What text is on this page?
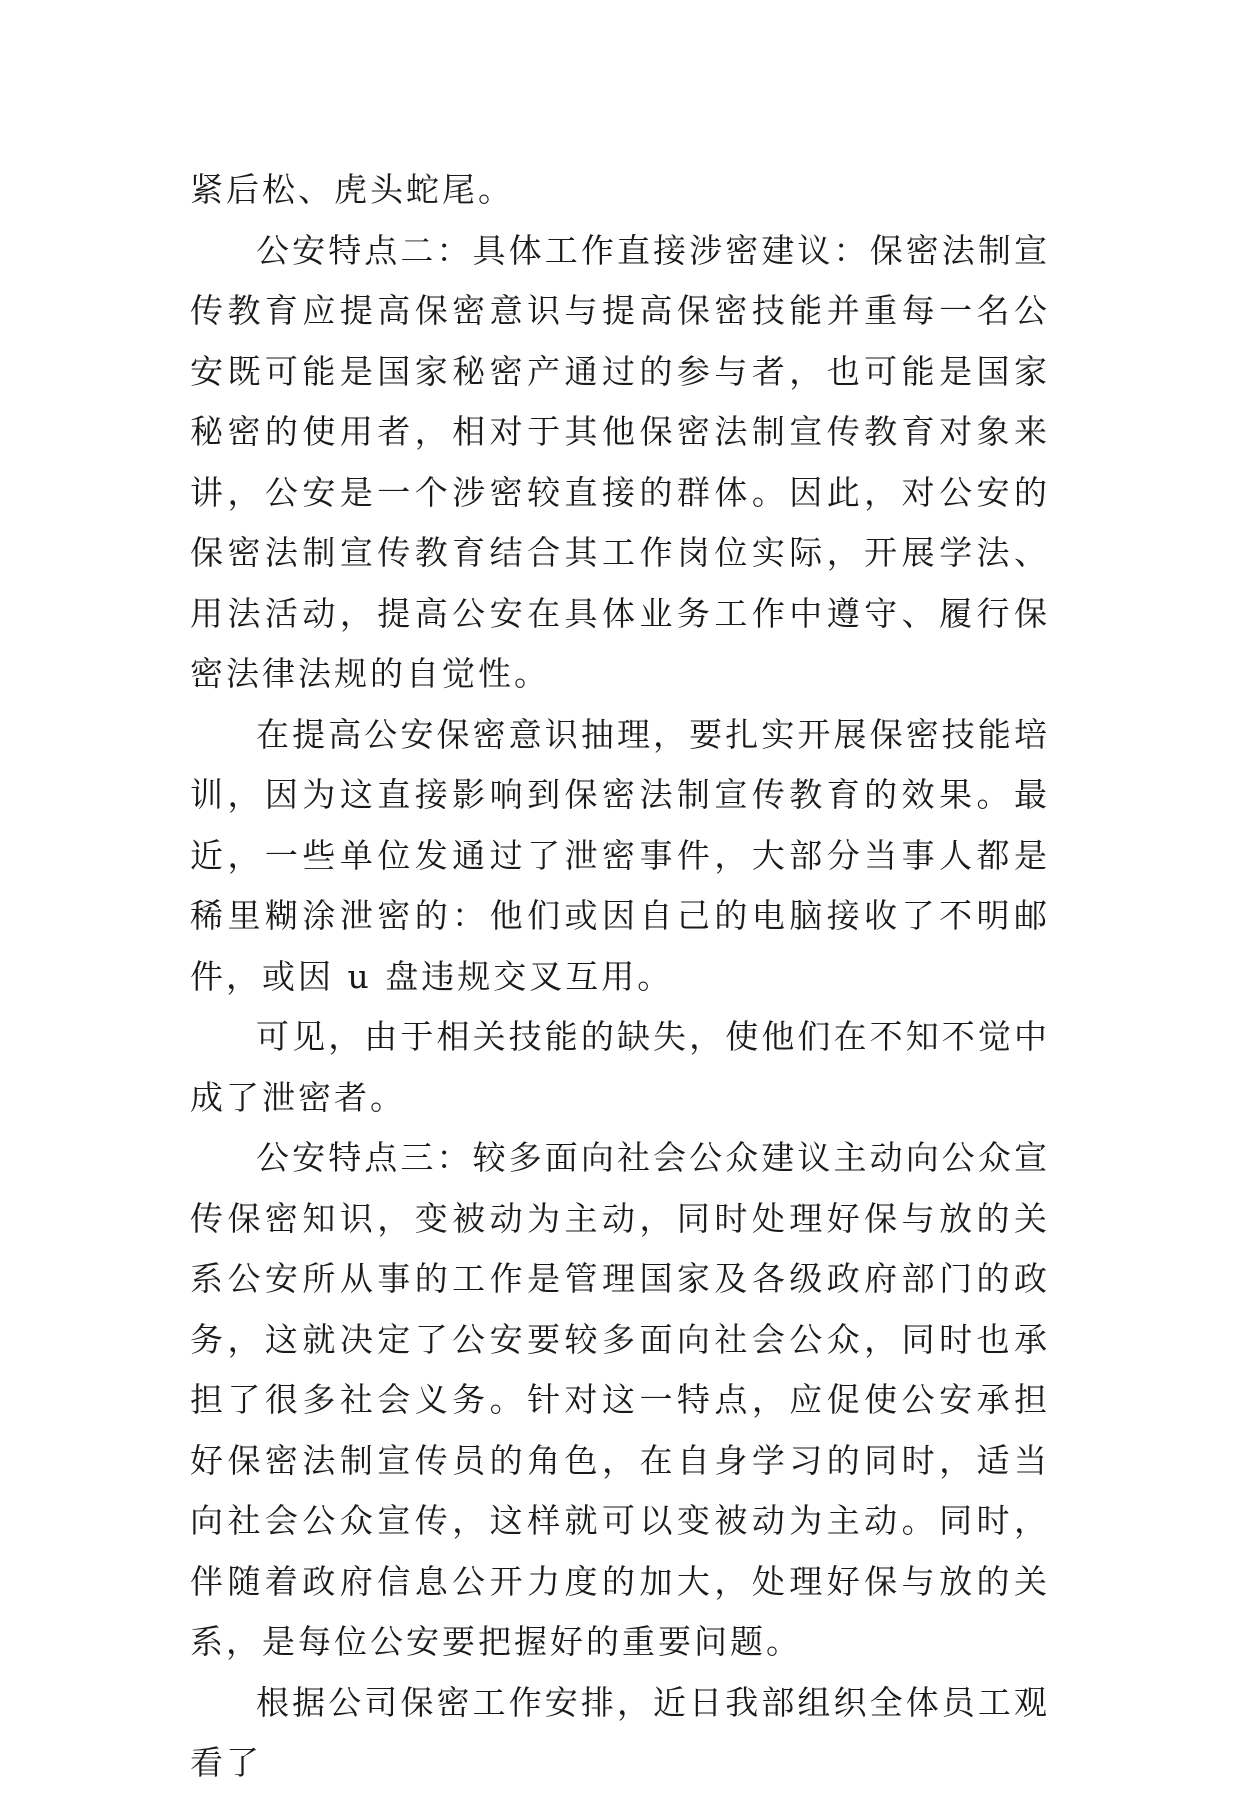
紧后松、虎头蛇尾。

公安特点二：具体工作直接涉密建议：保密法制宣传教育应提高保密意识与提高保密技能并重每一名公安既可能是国家秘密产通过的参与者，也可能是国家秘密的使用者，相对于其他保密法制宣传教育对象来讲，公安是一个涉密较直接的群体。因此，对公安的保密法制宣传教育结合其工作岗位实际，开展学法、用法活动，提高公安在具体业务工作中遵守、履行保密法律法规的自觉性。

在提高公安保密意识抽理，要扎实开展保密技能培训，因为这直接影响到保密法制宣传教育的效果。最近，一些单位发通过了泄密事件，大部分当事人都是稀里糊涂泄密的：他们或因自己的电脑接收了不明邮件，或因 u 盘违规交叉互用。

可见，由于相关技能的缺失，使他们在不知不觉中成了泄密者。

公安特点三：较多面向社会公众建议主动向公众宣传保密知识，变被动为主动，同时处理好保与放的关系公安所从事的工作是管理国家及各级政府部门的政务，这就决定了公安要较多面向社会公众，同时也承担了很多社会义务。针对这一特点，应促使公安承担好保密法制宣传员的角色，在自身学习的同时，适当向社会公众宣传，这样就可以变被动为主动。同时，伴随着政府信息公开力度的加大，处理好保与放的关系，是每位公安要把握好的重要问题。

根据公司保密工作安排，近日我部组织全体员工观看了
